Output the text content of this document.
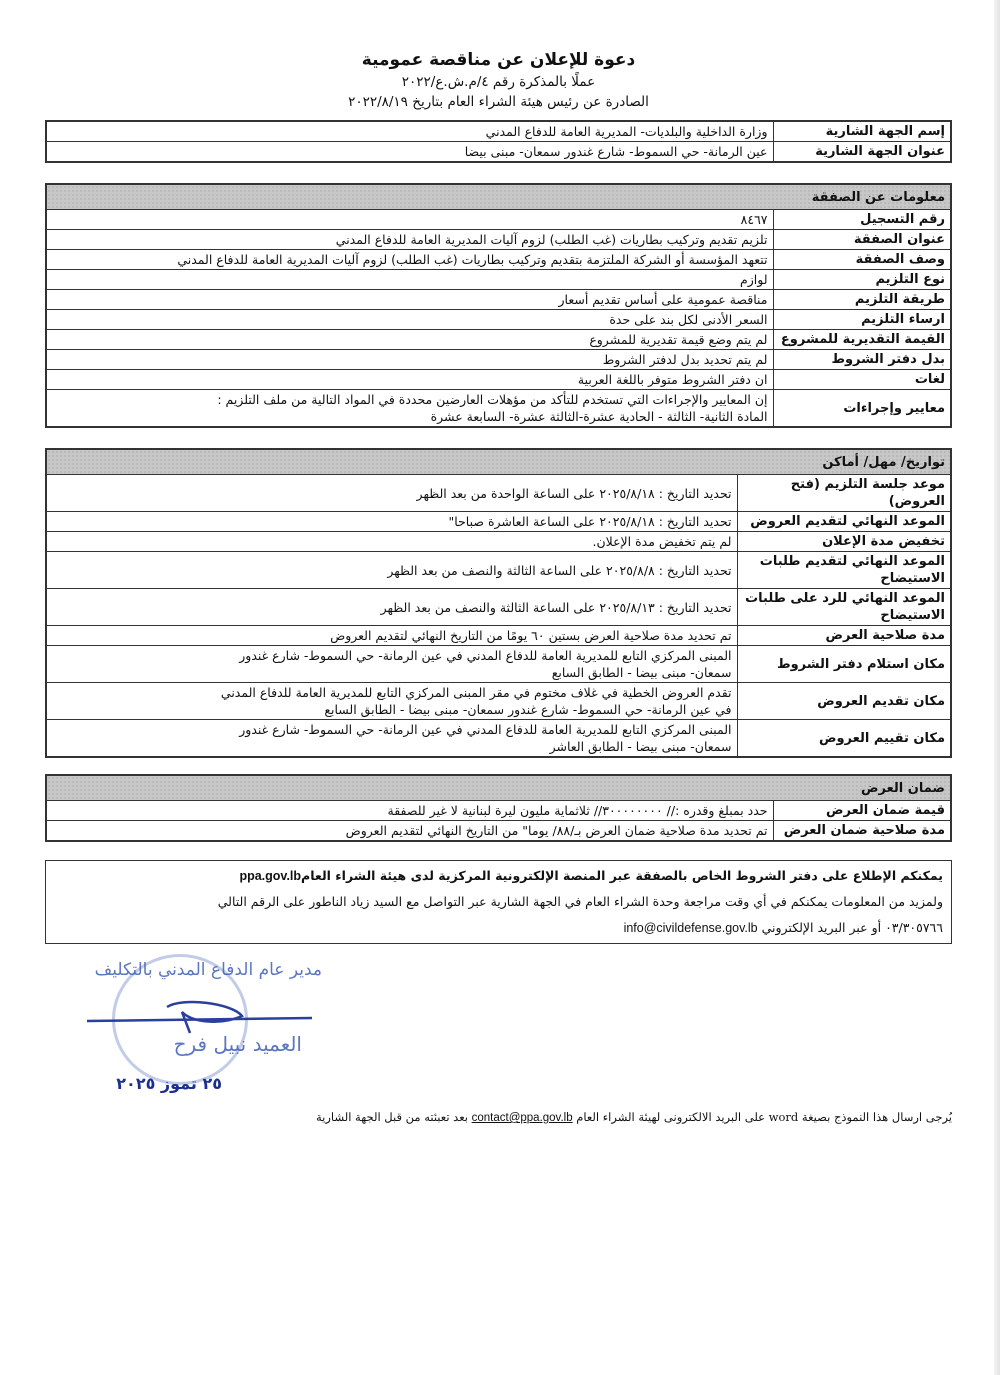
دعوة للإعلان عن مناقصة عمومية
عملًا بالمذكرة رقم ٤/م.ش.ع/٢٠٢٢
الصادرة عن رئيس هيئة الشراء العام بتاريخ ٢٠٢٢/٨/١٩
إسم الجهة الشارية	وزارة الداخلية والبلديات- المديرية العامة للدفاع المدني
عنوان الجهة الشارية	عين الرمانة- حي السموط- شارع غندور سمعان- مبنى بيضا
معلومات عن الصفقة	
رقم التسجيل	٨٤٦٧
عنوان الصفقة	تلزيم تقديم وتركيب بطاريات (غب الطلب) لزوم آليات المديرية العامة للدفاع المدني
وصف الصفقة	تتعهد المؤسسة أو الشركة الملتزمة بتقديم وتركيب بطاريات (غب الطلب) لزوم آليات المديرية العامة للدفاع المدني
نوع التلزيم	لوازم
طريقة التلزيم	مناقصة عمومية على أساس تقديم أسعار
ارساء التلزيم	السعر الأدنى لكل بند على حدة
القيمة التقديرية للمشروع	لم يتم وضع قيمة تقديرية للمشروع
بدل دفتر الشروط	لم يتم تحديد بدل لدفتر الشروط
لغات	ان دفتر الشروط متوفر باللغة العربية
معايير وإجراءات	إن المعايير والإجراءات التي تستخدم للتأكد من مؤهلات العارضين محددة في المواد التالية من ملف التلزيم :
المادة الثانية- الثالثة - الحادية عشرة-الثالثة عشرة- السابعة عشرة
تواريخ/ مهل/ أماكن	
موعد جلسة التلزيم (فتح العروض)	تحديد التاريخ : ٢٠٢٥/٨/١٨ على الساعة الواحدة من بعد الظهر
الموعد النهائي لتقديم العروض	تحديد التاريخ : ٢٠٢٥/٨/١٨ على الساعة العاشرة صباحا"
تخفيض مدة الإعلان	لم يتم تخفيض مدة الإعلان.
الموعد النهائي لتقديم طلبات الاستيضاح	تحديد التاريخ : ٢٠٢٥/٨/٨ على الساعة الثالثة والنصف من بعد الظهر
الموعد النهائي للرد على طلبات الاستيضاح	تحديد التاريخ : ٢٠٢٥/٨/١٣ على الساعة الثالثة والنصف من بعد الظهر
مدة صلاحية العرض	تم تحديد مدة صلاحية العرض بستين ٦٠ يومًا من التاريخ النهائي لتقديم العروض
مكان استلام دفتر الشروط	المبنى المركزي التابع للمديرية العامة للدفاع المدني في عين الرمانة- حي السموط- شارع غندور
سمعان- مبنى بيضا - الطابق السابع

مكان تقديم العروض	تقدم العروض الخطية في غلاف مختوم في مقر المبنى المركزي التابع للمديرية العامة للدفاع المدني
في عين الرمانة- حي السموط- شارع غندور سمعان- مبنى بيضا - الطابق السابع

مكان تقييم العروض	المبنى المركزي التابع للمديرية العامة للدفاع المدني في عين الرمانة- حي السموط- شارع غندور
سمعان- مبنى بيضا - الطابق العاشر
ضمان العرض	
قيمة ضمان العرض	حدد بمبلغ وقدره :// ٣٠٠٠٠٠٠٠٠// ثلاثماية مليون ليرة لبنانية لا غير للصفقة
مدة صلاحية ضمان العرض	تم تحديد مدة صلاحية ضمان العرض بـ/٨٨/ يوما" من التاريخ النهائي لتقديم العروض
يمكنكم الإطلاع على دفتر الشروط الخاص بالصفقة عبر المنصة الإلكترونية المركزية لدى هيئة الشراء العامppa.gov.lb
ولمزيد من المعلومات يمكنكم في أي وقت مراجعة وحدة الشراء العام في الجهة الشارية عبر التواصل مع السيد زياد الناطور على الرقم التالي
٠٣/٣٠٥٧٦٦ أو عبر البريد الإلكتروني info@civildefense.gov.lb
مدير عام الدفاع المدني بالتكليف
العميد نبيل فرح
٢٥ تموز ٢٠٢٥
يُرجى ارسال هذا النموذج بصيغة word على البريد الالكترونى لهيئة الشراء العام contact@ppa.gov.lb بعد تعبئته من قبل الجهة الشارية
